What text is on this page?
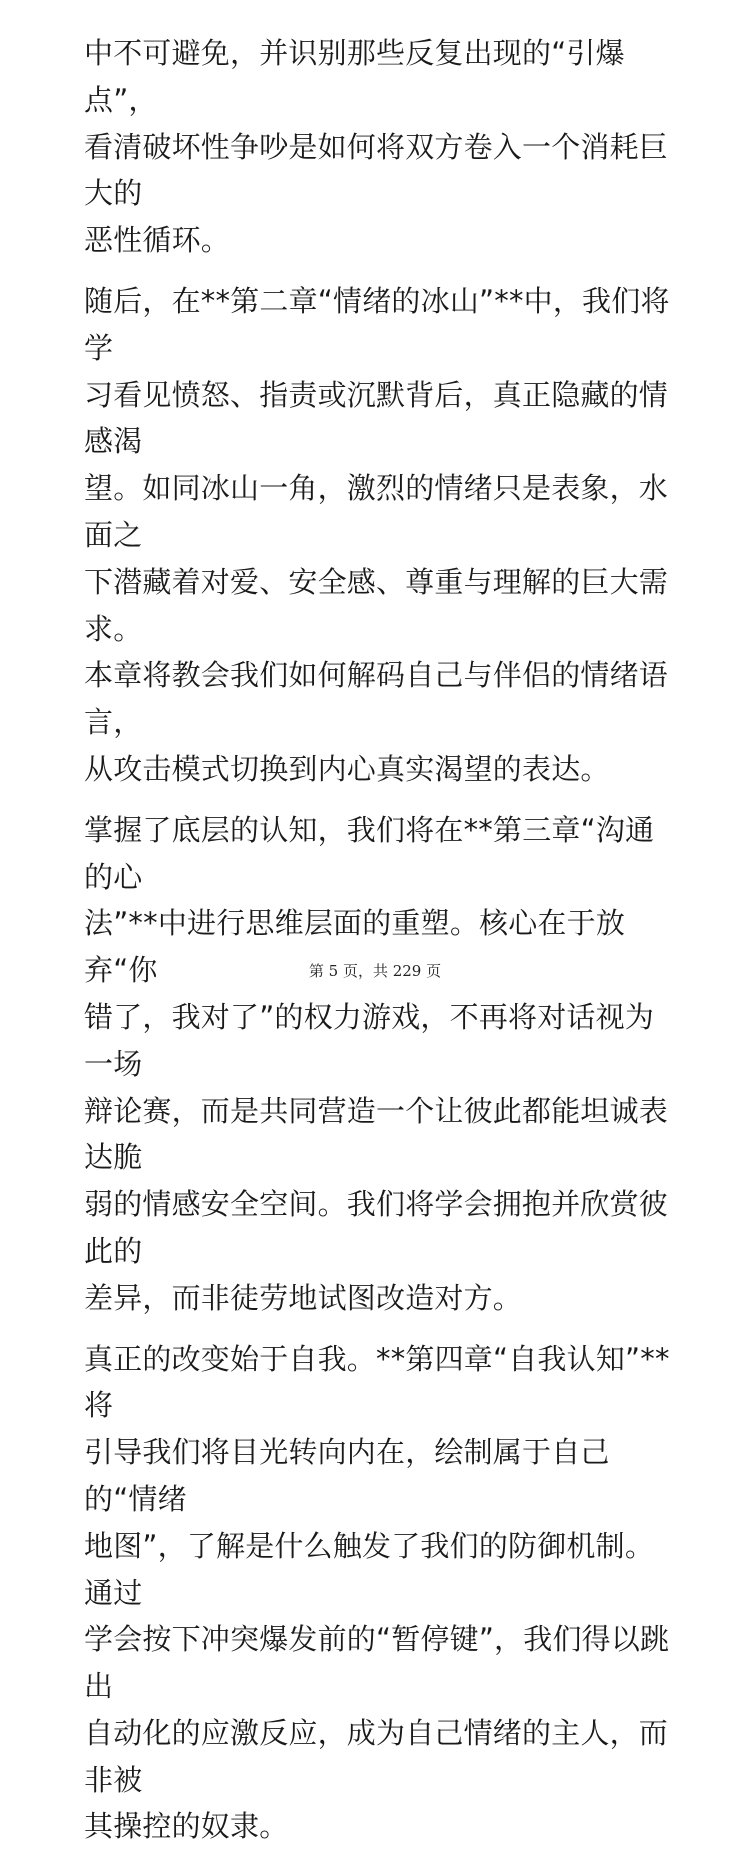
中不可避免，并识别那些反复出现的“引爆点”，
看清破坏性争吵是如何将双方卷入一个消耗巨大的
恶性循环。

随后，在**第二章“情绪的冰山”**中，我们将学
习看见愤怒、指责或沉默背后，真正隐藏的情感渴
望。如同冰山一角，激烈的情绪只是表象，水面之
下潜藏着对爱、安全感、尊重与理解的巨大需求。
本章将教会我们如何解码自己与伴侣的情绪语言，
从攻击模式切换到内心真实渴望的表达。

掌握了底层的认知，我们将在**第三章“沟通的心
法”**中进行思维层面的重塑。核心在于放弃“你
错了，我对了”的权力游戏，不再将对话视为一场
辩论赛，而是共同营造一个让彼此都能坦诚表达脆
弱的情感安全空间。我们将学会拥抱并欣赏彼此的
差异，而非徒劳地试图改造对方。

真正的改变始于自我。**第四章“自我认知”**将
引导我们将目光转向内在，绘制属于自己的“情绪
地图”，了解是什么触发了我们的防御机制。通过
学会按下冲突爆发前的“暂停键”，我们得以跳出
自动化的应激反应，成为自己情绪的主人，而非被
其操控的奴隶。

第 5 页，共 229 页
